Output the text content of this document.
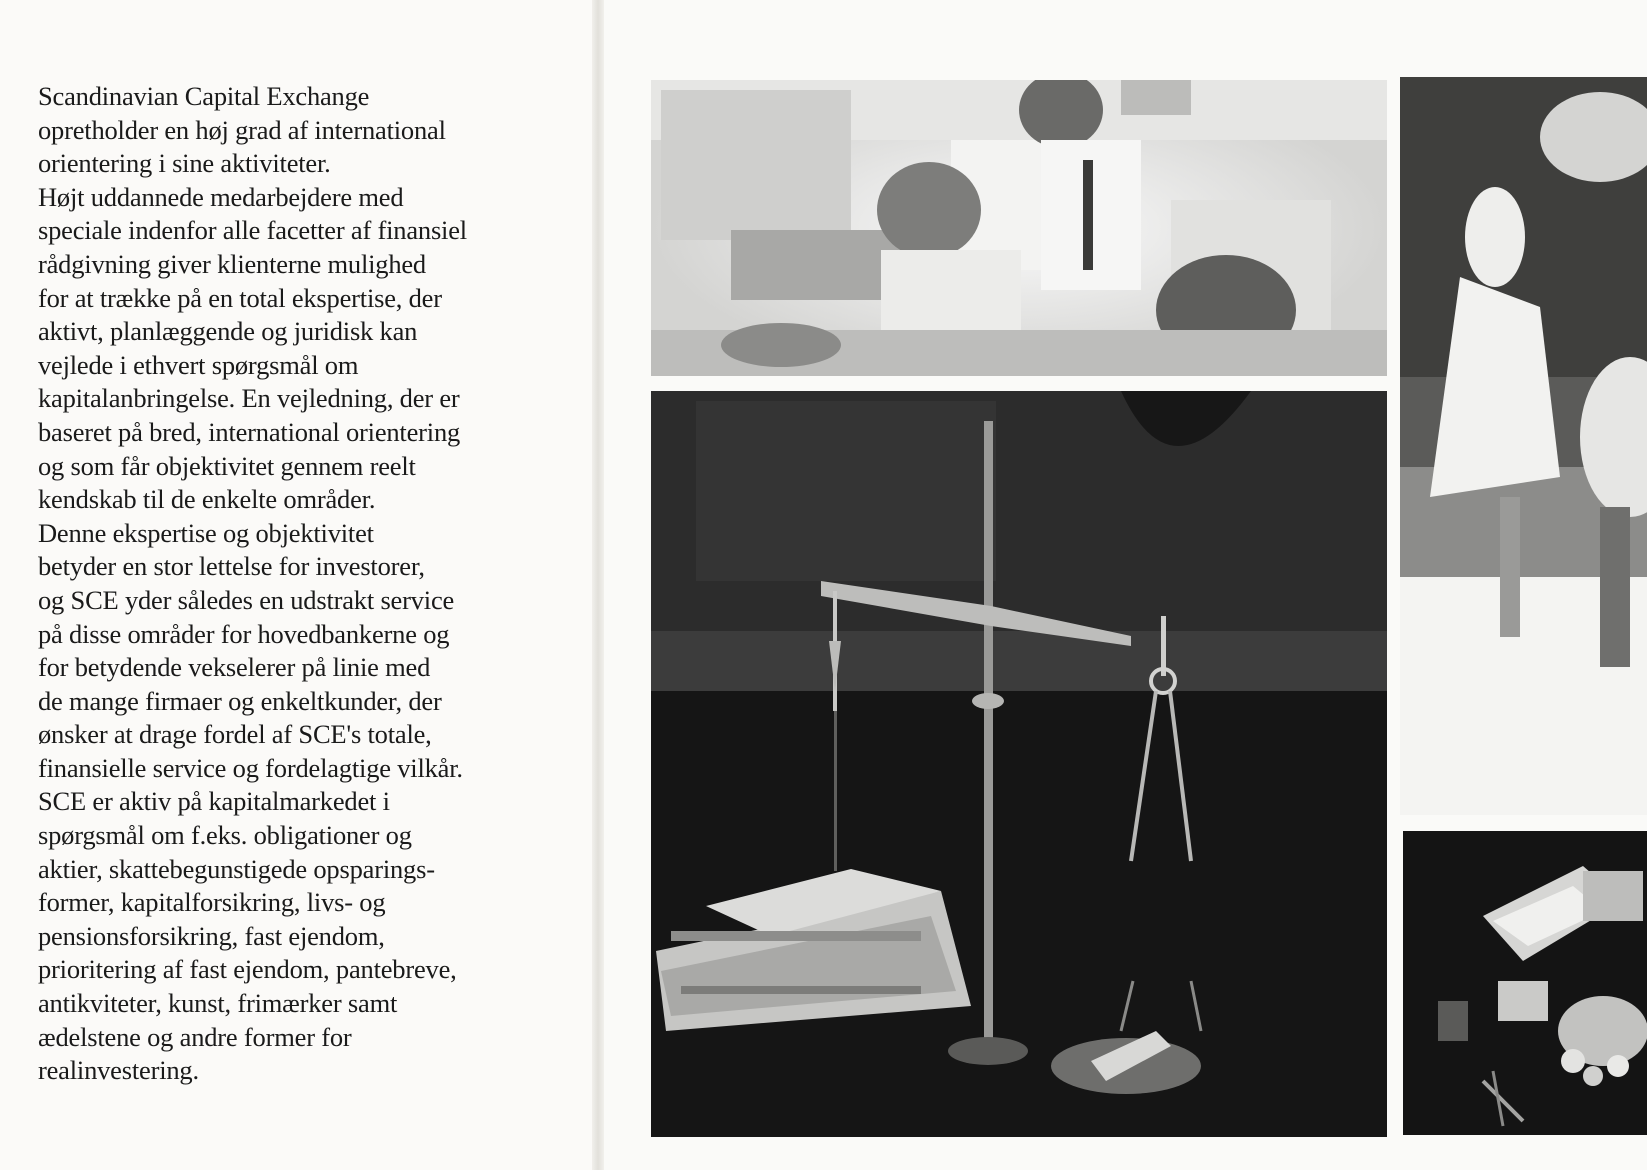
Scandinavian Capital Exchange
opretholder en høj grad af international
orientering i sine aktiviteter.
Højt uddannede medarbejdere med
speciale indenfor alle facetter af finansiel
rådgivning giver klienterne mulighed
for at trække på en total ekspertise, der
aktivt, planlæggende og juridisk kan
vejlede i ethvert spørgsmål om
kapitalanbringelse. En vejledning, der er
baseret på bred, international orientering
og som får objektivitet gennem reelt
kendskab til de enkelte områder.
Denne ekspertise og objektivitet
betyder en stor lettelse for investorer,
og SCE yder således en udstrakt service
på disse områder for hovedbankerne og
for betydende vekselerer på linie med
de mange firmaer og enkeltkunder, der
ønsker at drage fordel af SCE's totale,
finansielle service og fordelagtige vilkår.
SCE er aktiv på kapitalmarkedet i
spørgsmål om f.eks. obligationer og
aktier, skattebegunstigede opsparings-
former, kapitalforsikring, livs- og
pensionsforsikring, fast ejendom,
prioritering af fast ejendom, pantebreve,
antikviteter, kunst, frimærker samt
ædelstene og andre former for
realinvestering.
